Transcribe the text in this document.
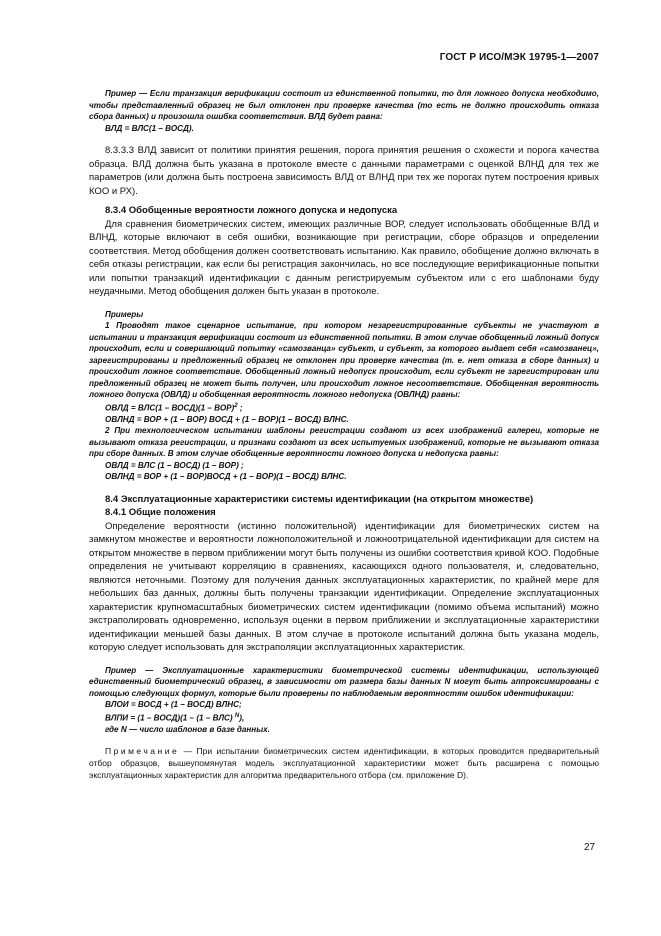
ГОСТ Р ИСО/МЭК 19795-1—2007

Пример — Если транзакция верификации состоит из единственной попытки, то для ложного допуска необходимо, чтобы представленный образец не был отклонен при проверке качества (то есть не должно происходить отказа сбора данных) и произошла ошибка соответствия. ВЛД будет равна:

ВЛД = ВЛС(1 – ВОСД).

8.3.3.3 ВЛД зависит от политики принятия решения, порога принятия решения о схожести и порога качества образца. ВЛД должна быть указана в протоколе вместе с данными параметрами с оценкой ВЛНД для тех же параметров (или должна быть построена зависимость ВЛД от ВЛНД при тех же порогах путем построения кривых КОО и РХ).

8.3.4 Обобщенные вероятности ложного допуска и недопуска

Для сравнения биометрических систем, имеющих различные ВОР, следует использовать обобщенные ВЛД и ВЛНД, которые включают в себя ошибки, возникающие при регистрации, сборе образцов и определении соответствия. Метод обобщения должен соответствовать испытанию. Как правило, обобщение должно включать в себя отказы регистрации, как если бы регистрация закончилась, но все последующие верификационные попытки или попытки транзакций идентификации с данным регистрируемым субъектом или с его шаблонами буду неудачными. Метод обобщения должен быть указан в протоколе.

Примеры

1 Проводят такое сценарное испытание, при котором незарегистрированные субъекты не участвуют в испытании и транзакция верификации состоит из единственной попытки. В этом случае обобщенный ложный допуск происходит, если и совершающий попытку «самозванца» субъект, и субъект, за которого выдает себя «самозванец», зарегистрированы и предложенный образец не отклонен при проверке качества (т. е. нет отказа в сборе данных) и происходит ложное соответствие. Обобщенный ложный недопуск происходит, если субъект не зарегистрирован или предложенный образец не может быть получен, или происходит ложное несоответствие. Обобщенная вероятность ложного допуска (ОВЛД) и обобщенная вероятность ложного недопуска (ОВЛНД) равны:

ОВЛД = ВЛС(1 – ВОСД)(1 – ВОР)$^2$ ;

ОВЛНД = ВОР + (1 – ВОР) ВОСД + (1 – ВОР)(1 – ВОСД) ВЛНС.

2 При технологическом испытании шаблоны регистрации создают из всех изображений галереи, которые не вызывают отказа регистрации, и признаки создают из всех испытуемых изображений, которые не вызывают отказа при сборе данных. В этом случае обобщенные вероятности ложного допуска и недопуска равны:

ОВЛД = ВЛС (1 – ВОСД) (1 – ВОР) ;

ОВЛНД = ВОР + (1 – ВОР)ВОСД + (1 – ВОР)(1 – ВОСД) ВЛНС.

8.4 Эксплуатационные характеристики системы идентификации (на открытом множестве)

8.4.1 Общие положения

Определение вероятности (истинно положительной) идентификации для биометрических систем на замкнутом множестве и вероятности ложноположительной и ложноотрицательной идентификации для систем на открытом множестве в первом приближении могут быть получены из ошибки соответствия кривой КОО. Подобные определения не учитывают корреляцию в сравнениях, касающихся одного пользователя, и, следовательно, являются неточными. Поэтому для получения данных эксплуатационных характеристик, по крайней мере для небольших баз данных, должны быть получены транзакции идентификации. Определение эксплуатационных характеристик крупномасштабных биометрических систем идентификации (помимо объема испытаний) можно экстраполировать одновременно, используя оценки в первом приближении и эксплуатационные характеристики идентификации меньшей базы данных. В этом случае в протоколе испытаний должна быть указана модель, которую следует использовать для экстраполяции эксплуатационных характеристик.

Пример — Эксплуатационные характеристики биометрической системы идентификации, использующей единственный биометрический образец, в зависимости от размера базы данных N могут быть аппроксимированы с помощью следующих формул, которые были проверены по наблюдаемым вероятностям ошибок идентификации:

ВЛОИ = ВОСД + (1 – ВОСД) ВЛНС;

ВЛПИ = (1 – ВОСД)(1 – (1 – ВЛС) $^N$),

где N — число шаблонов в базе данных.

Примечание — При испытании биометрических систем идентификации, в которых проводится предварительный отбор образцов, вышеупомянутая модель эксплуатационной характеристики может быть расширена с помощью эксплуатационных характеристик для алгоритма предварительного отбора (см. приложение D).

27
